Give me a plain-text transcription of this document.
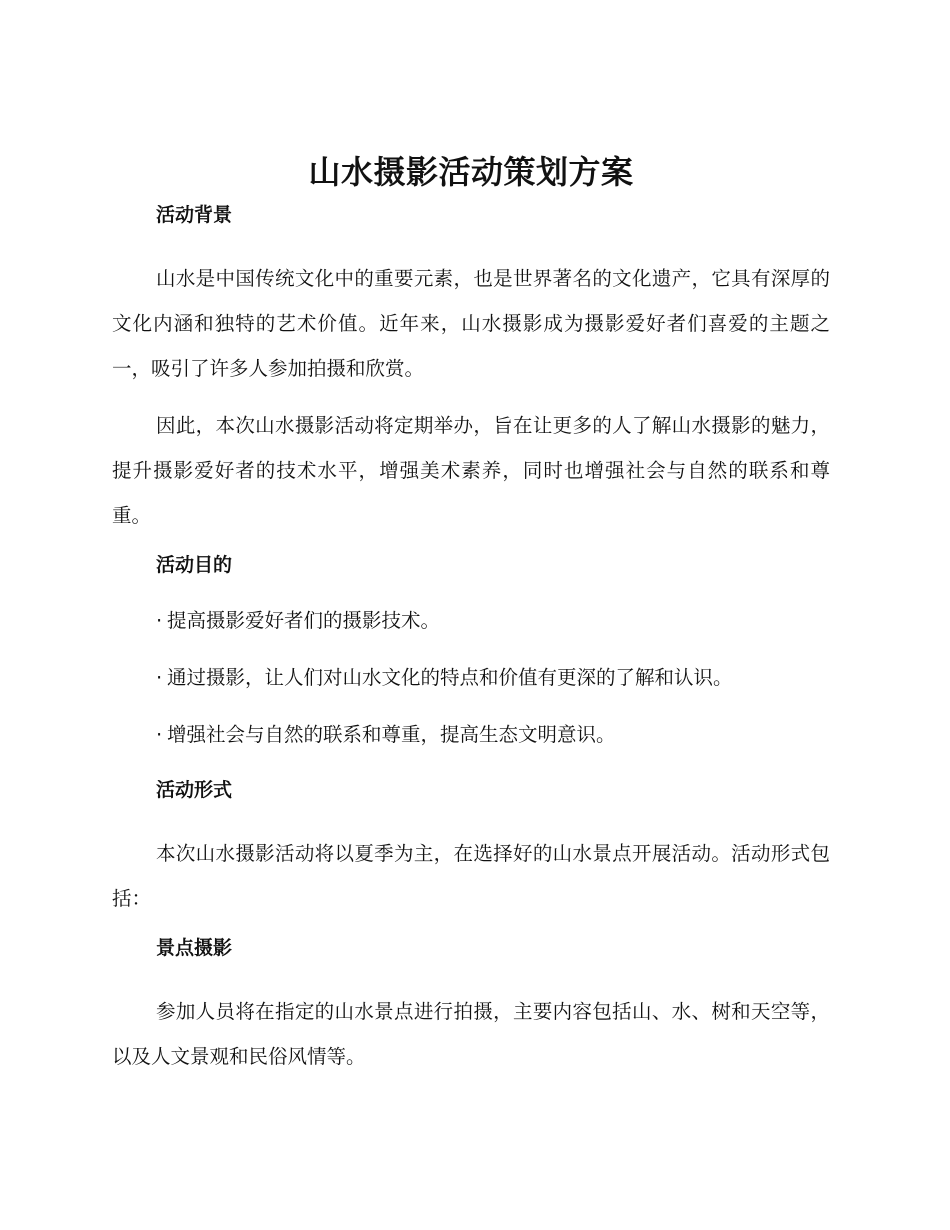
山水摄影活动策划方案
活动背景

山水是中国传统文化中的重要元素，也是世界著名的文化遗产，它具有深厚的文化内涵和独特的艺术价值。近年来，山水摄影成为摄影爱好者们喜爱的主题之一，吸引了许多人参加拍摄和欣赏。

因此，本次山水摄影活动将定期举办，旨在让更多的人了解山水摄影的魅力，提升摄影爱好者的技术水平，增强美术素养，同时也增强社会与自然的联系和尊重。

活动目的
· 提高摄影爱好者们的摄影技术。
· 通过摄影，让人们对山水文化的特点和价值有更深的了解和认识。
· 增强社会与自然的联系和尊重，提高生态文明意识。
活动形式

本次山水摄影活动将以夏季为主，在选择好的山水景点开展活动。活动形式包括：

景点摄影

参加人员将在指定的山水景点进行拍摄，主要内容包括山、水、树和天空等，以及人文景观和民俗风情等。
